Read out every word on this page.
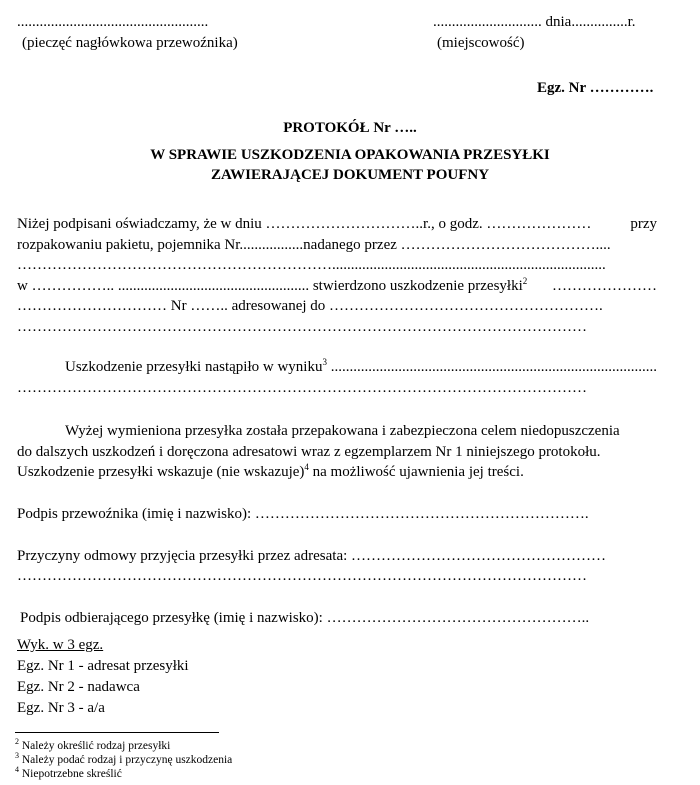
...................................................
(pieczęć nagłówkowa przewoźnika)
............................. dnia...............r.
(miejscowość)
Egz. Nr ………….
PROTOKÓŁ Nr …..
W SPRAWIE USZKODZENIA OPAKOWANIA PRZESYŁKI
ZAWIERAJĄCEJ DOKUMENT POUFNY
Niżej podpisani oświadczamy, że w dniu …………………………..r., o godz. …………………	przy
rozpakowaniu pakietu, pojemnika Nr.................nadanego przez …………………………………....
……………………………………………………….........................................................................
w …………….. ................................................... stwierdzono uszkodzenie przesyłki$^2$ …………………
………………………… Nr …….. adresowanej do ……………………………………………….
……………………………………………………………………………………………………
Uszkodzenie przesyłki nastąpiło w wyniku$^3$ .......................................................................................
……………………………………………………………………………………………………
Wyżej wymieniona przesyłka została przepakowana i zabezpieczona celem niedopuszczenia
do dalszych uszkodzeń i doręczona adresatowi wraz z egzemplarzem Nr 1 niniejszego protokołu.
Uszkodzenie przesyłki wskazuje (nie wskazuje)$^4$ na możliwość ujawnienia jej treści.
Podpis przewoźnika (imię i nazwisko): ………………………………………………………….
Przyczyny odmowy przyjęcia przesyłki przez adresata: ……………………………………………
……………………………………………………………………………………………………
Podpis odbierającego przesyłkę (imię i nazwisko): ……………………………………………..
Wyk. w 3 egz.
Egz. Nr 1 - adresat przesyłki
Egz. Nr 2 - nadawca
Egz. Nr 3 - a/a
$^2$ Należy określić rodzaj przesyłki
$^3$ Należy podać rodzaj i przyczynę uszkodzenia
$^4$ Niepotrzebne skreślić
